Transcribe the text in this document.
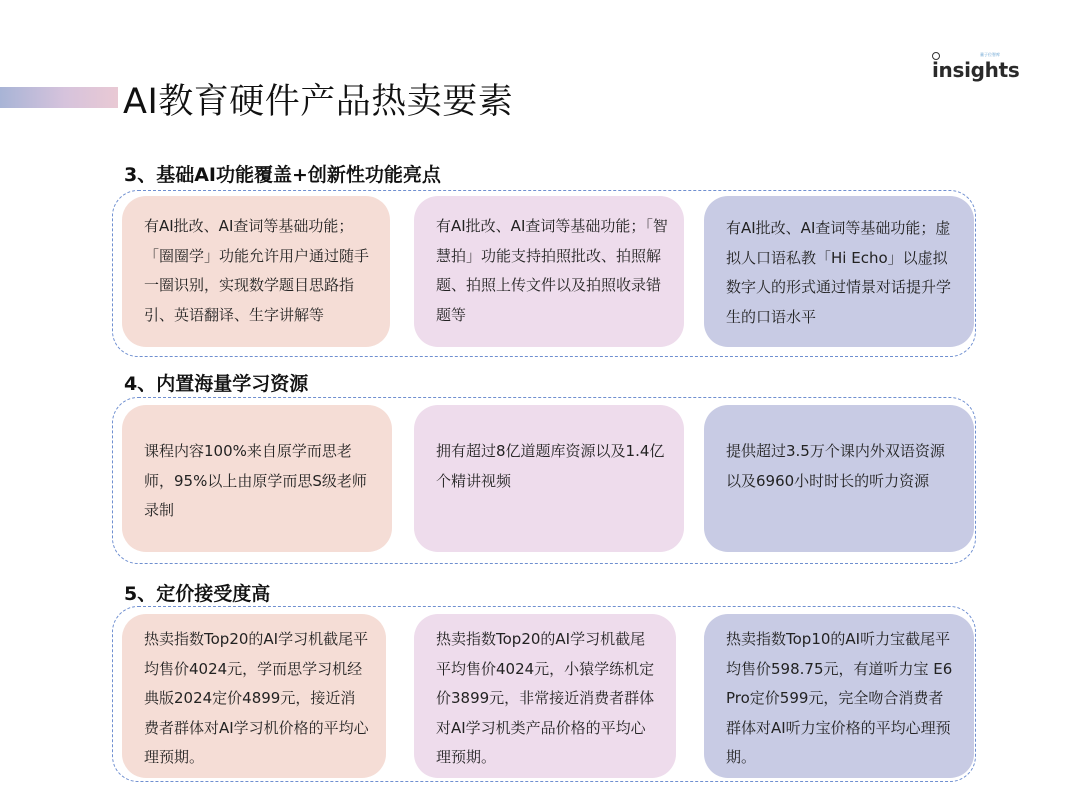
AI教育硬件产品热卖要素
量子位智库
insights
3、基础AI功能覆盖+创新性功能亮点
有AI批改、AI查词等基础功能；「圈圈学」功能允许用户通过随手一圈识别，实现数学题目思路指引、英语翻译、生字讲解等
有AI批改、AI查词等基础功能；「智慧拍」功能支持拍照批改、拍照解题、拍照上传文件以及拍照收录错题等
有AI批改、AI查词等基础功能；虚拟人口语私教「Hi Echo」以虚拟数字人的形式通过情景对话提升学生的口语水平
4、内置海量学习资源
课程内容100%来自原学而思老师，95%以上由原学而思S级老师录制
拥有超过8亿道题库资源以及1.4亿个精讲视频
提供超过3.5万个课内外双语资源以及6960小时时长的听力资源
5、定价接受度高
热卖指数Top20的AI学习机截尾平均售价4024元，学而思学习机经典版2024定价4899元，接近消费者群体对AI学习机价格的平均心理预期。
热卖指数Top20的AI学习机截尾平均售价4024元，小猿学练机定价3899元，非常接近消费者群体对AI学习机类产品价格的平均心理预期。
热卖指数Top10的AI听力宝截尾平均售价598.75元，有道听力宝 E6 Pro定价599元，完全吻合消费者群体对AI听力宝价格的平均心理预期。
